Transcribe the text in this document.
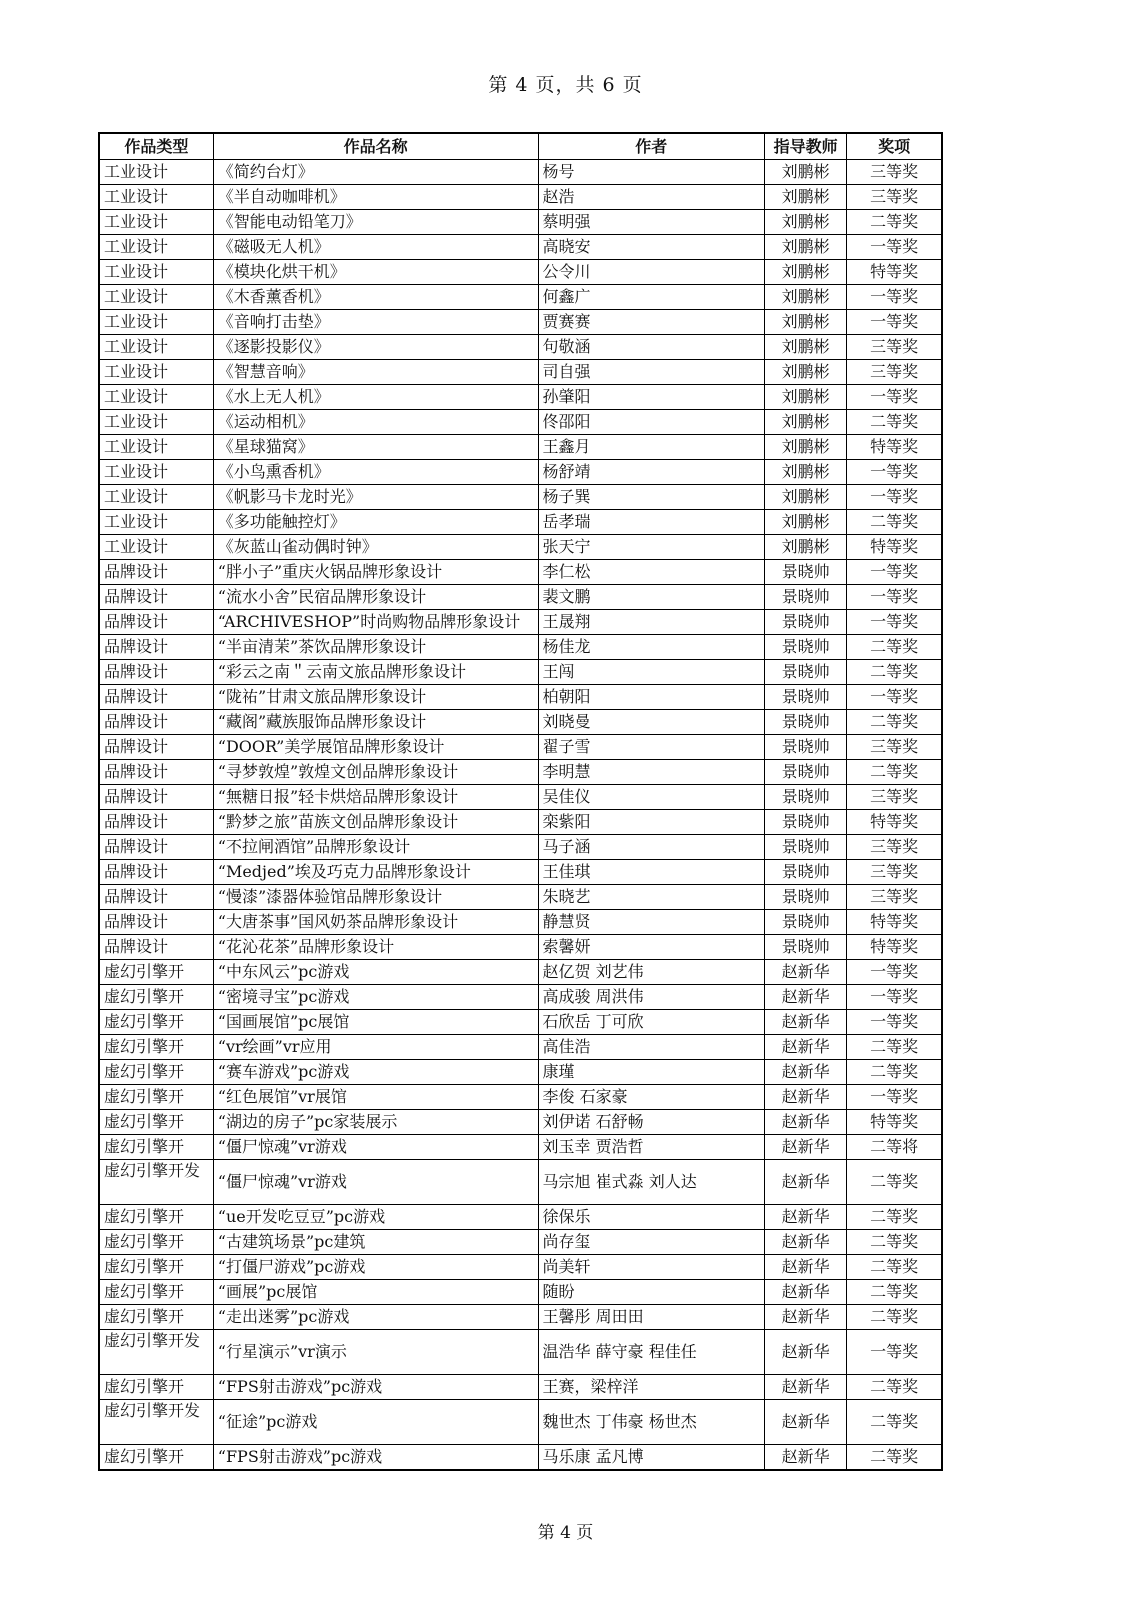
第 4 页，共 6 页
作品类型	作品名称	作者	指导教师	奖项
工业设计	《简约台灯》	杨号	刘鹏彬	三等奖
工业设计	《半自动咖啡机》	赵浩	刘鹏彬	三等奖
工业设计	《智能电动铅笔刀》	蔡明强	刘鹏彬	二等奖
工业设计	《磁吸无人机》	高晓安	刘鹏彬	一等奖
工业设计	《模块化烘干机》	公令川	刘鹏彬	特等奖
工业设计	《木香薰香机》	何鑫广	刘鹏彬	一等奖
工业设计	《音响打击垫》	贾赛赛	刘鹏彬	一等奖
工业设计	《逐影投影仪》	句敬涵	刘鹏彬	三等奖
工业设计	《智慧音响》	司自强	刘鹏彬	三等奖
工业设计	《水上无人机》	孙肇阳	刘鹏彬	一等奖
工业设计	《运动相机》	佟邵阳	刘鹏彬	二等奖
工业设计	《星球猫窝》	王鑫月	刘鹏彬	特等奖
工业设计	《小鸟熏香机》	杨舒靖	刘鹏彬	一等奖
工业设计	《帆影马卡龙时光》	杨子巽	刘鹏彬	一等奖
工业设计	《多功能触控灯》	岳孝瑞	刘鹏彬	二等奖
工业设计	《灰蓝山雀动偶时钟》	张天宁	刘鹏彬	特等奖
品牌设计	“胖小子”重庆火锅品牌形象设计	李仁松	景晓帅	一等奖
品牌设计	“流水小舍”民宿品牌形象设计	裴文鹏	景晓帅	一等奖
品牌设计	“ARCHIVESHOP”时尚购物品牌形象设计	王晟翔	景晓帅	一等奖
品牌设计	“半亩清茉”茶饮品牌形象设计	杨佳龙	景晓帅	二等奖
品牌设计	“彩云之南＂云南文旅品牌形象设计	王闯	景晓帅	二等奖
品牌设计	“陇祐”甘肃文旅品牌形象设计	柏朝阳	景晓帅	一等奖
品牌设计	“藏阁”藏族服饰品牌形象设计	刘晓曼	景晓帅	二等奖
品牌设计	“DOOR”美学展馆品牌形象设计	翟子雪	景晓帅	三等奖
品牌设计	“寻梦敦煌”敦煌文创品牌形象设计	李明慧	景晓帅	二等奖
品牌设计	“無糖日报”轻卡烘焙品牌形象设计	吴佳仪	景晓帅	三等奖
品牌设计	“黔梦之旅”苗族文创品牌形象设计	栾紫阳	景晓帅	特等奖
品牌设计	“不拉闸酒馆”品牌形象设计	马子涵	景晓帅	三等奖
品牌设计	“Medjed”埃及巧克力品牌形象设计	王佳琪	景晓帅	三等奖
品牌设计	“慢漆”漆器体验馆品牌形象设计	朱晓艺	景晓帅	三等奖
品牌设计	“大唐茶事”国风奶茶品牌形象设计	静慧贤	景晓帅	特等奖
品牌设计	“花沁花茶”品牌形象设计	索馨妍	景晓帅	特等奖
虚幻引擎开	“中东风云”pc游戏	赵亿贺 刘艺伟	赵新华	一等奖
虚幻引擎开	“密境寻宝”pc游戏	高成骏 周洪伟	赵新华	一等奖
虚幻引擎开	“国画展馆”pc展馆	石欣岳 丁可欣	赵新华	一等奖
虚幻引擎开	“vr绘画”vr应用	高佳浩	赵新华	二等奖
虚幻引擎开	“赛车游戏”pc游戏	康瑾	赵新华	二等奖
虚幻引擎开	“红色展馆”vr展馆	李俊 石家豪	赵新华	一等奖
虚幻引擎开	“湖边的房子”pc家装展示	刘伊诺 石舒畅	赵新华	特等奖
虚幻引擎开	“僵尸惊魂”vr游戏	刘玉幸 贾浩哲	赵新华	二等将
虚幻引擎开发	“僵尸惊魂”vr游戏	马宗旭 崔式淼 刘人达	赵新华	二等奖
虚幻引擎开	“ue开发吃豆豆”pc游戏	徐保乐	赵新华	二等奖
虚幻引擎开	“古建筑场景”pc建筑	尚存玺	赵新华	二等奖
虚幻引擎开	“打僵尸游戏”pc游戏	尚美轩	赵新华	二等奖
虚幻引擎开	“画展”pc展馆	随盼	赵新华	二等奖
虚幻引擎开	“走出迷雾”pc游戏	王馨彤 周田田	赵新华	二等奖
虚幻引擎开发	“行星演示”vr演示	温浩华 薛守豪 程佳任	赵新华	一等奖
虚幻引擎开	“FPS射击游戏”pc游戏	王赛，梁梓洋	赵新华	二等奖
虚幻引擎开发	“征途”pc游戏	魏世杰 丁伟豪 杨世杰	赵新华	二等奖
虚幻引擎开	“FPS射击游戏”pc游戏	马乐康 孟凡博	赵新华	二等奖
第 4 页
